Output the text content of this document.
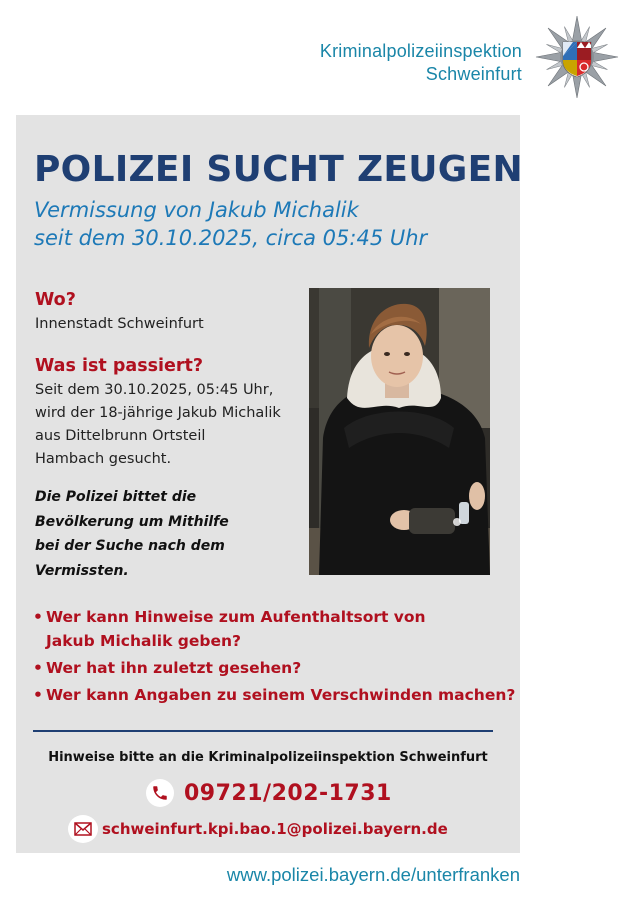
Kriminalpolizeiinspektion
Schweinfurt
POLIZEI SUCHT ZEUGEN
Vermissung von Jakub Michalik
seit dem 30.10.2025, circa 05:45 Uhr
Wo?
Innenstadt Schweinfurt
Was ist passiert?
Seit dem 30.10.2025, 05:45 Uhr,
wird der 18-jährige Jakub Michalik
aus Dittelbrunn Ortsteil
Hambach gesucht.
Die Polizei bittet die
Bevölkerung um Mithilfe
bei der Suche nach dem
Vermissten.
• Wer kann Hinweise zum Aufenthaltsort von
Jakub Michalik geben?
• Wer hat ihn zuletzt gesehen?
• Wer kann Angaben zu seinem Verschwinden machen?
Hinweise bitte an die Kriminalpolizeiinspektion Schweinfurt
09721/202-1731
schweinfurt.kpi.bao.1@polizei.bayern.de
www.polizei.bayern.de/unterfranken
